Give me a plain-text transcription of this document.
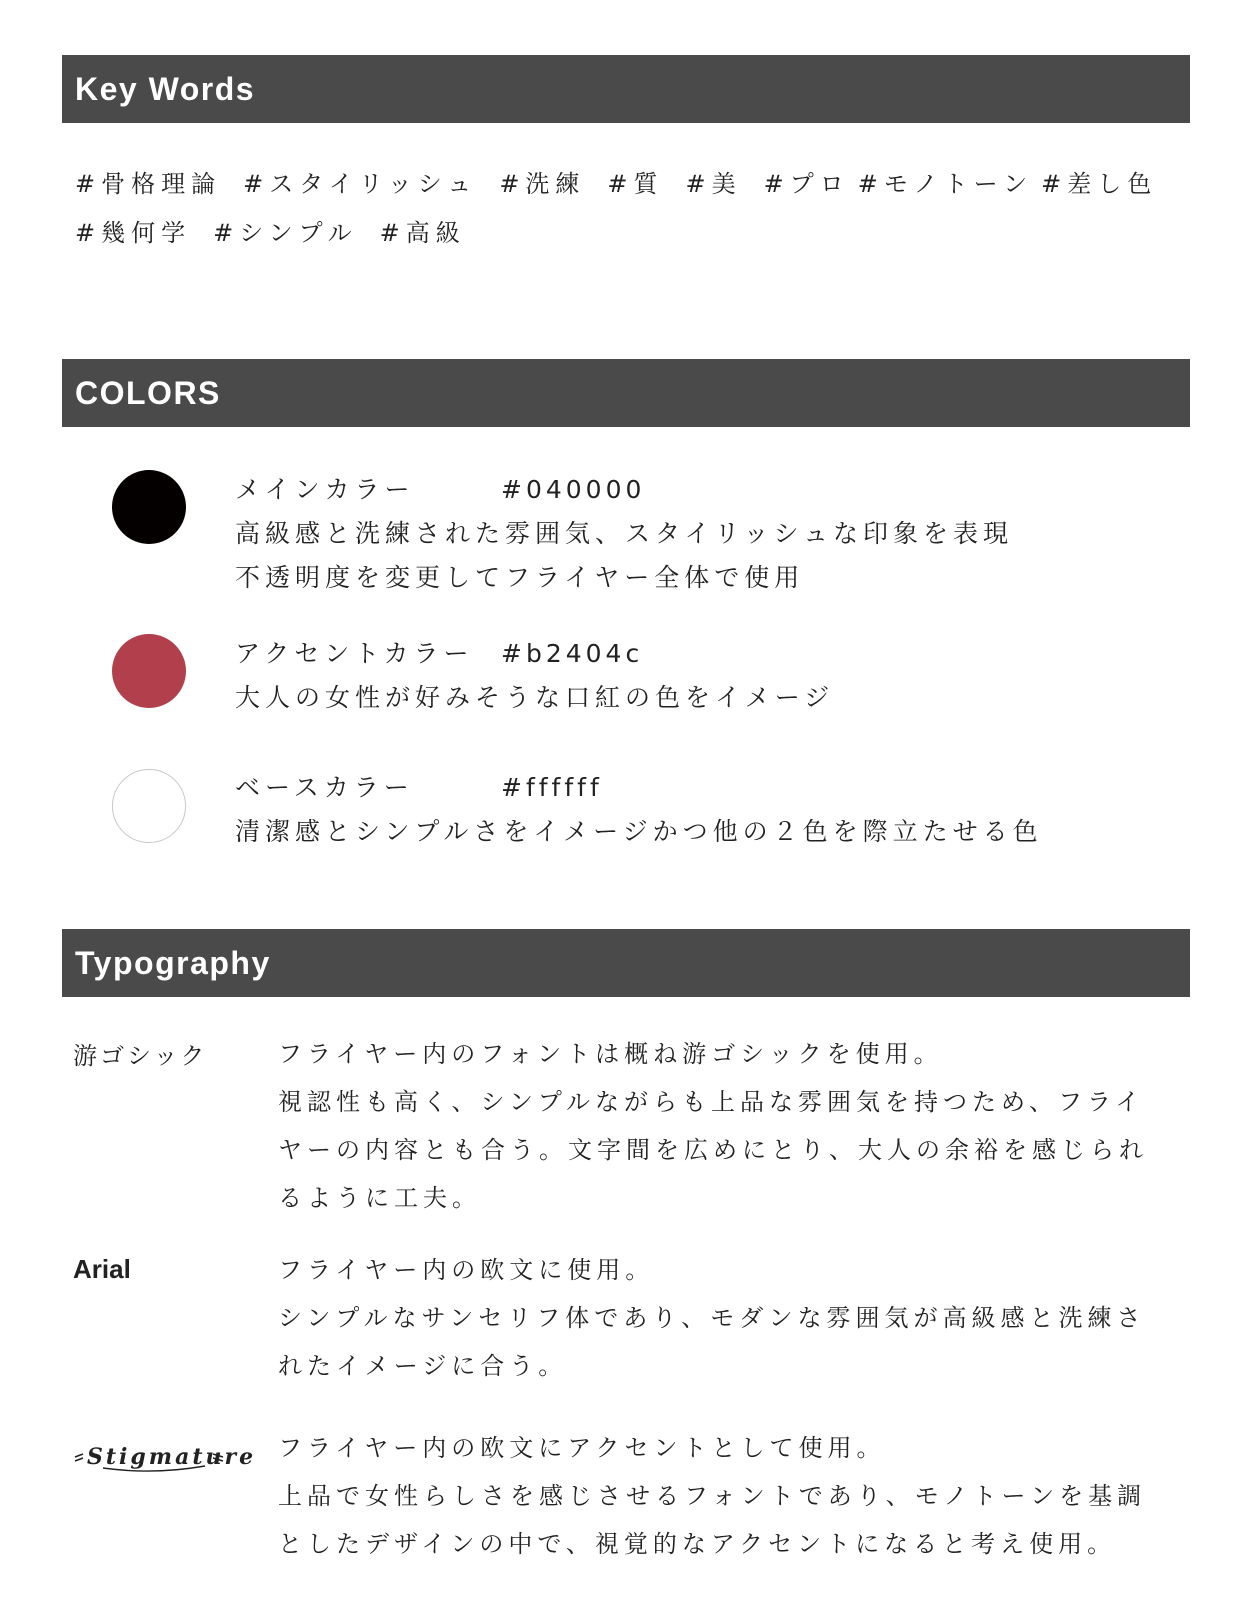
Key Words
#骨格理論 #スタイリッシュ #洗練 #質 #美 #プロ #モノトーン #差し色
#幾何学 #シンプル #高級
COLORS
メインカラー	#040000
高級感と洗練された雰囲気、スタイリッシュな印象を表現
不透明度を変更してフライヤー全体で使用
アクセントカラー #b2404c
大人の女性が好みそうな口紅の色をイメージ
ベースカラー	#ffffff
清潔感とシンプルさをイメージかつ他の２色を際立たせる色
Typography
游ゴシック	フライヤー内のフォントは概ね游ゴシックを使用。
視認性も高く、シンプルながらも上品な雰囲気を持つため、フライ
ヤーの内容とも合う。文字間を広めにとり、大人の余裕を感じられ
るように工夫。
Arial	フライヤー内の欧文に使用。
シンプルなサンセリフ体であり、モダンな雰囲気が高級感と洗練さ
れたイメージに合う。
Stigmature フライヤー内の欧文にアクセントとして使用。
上品で女性らしさを感じさせるフォントであり、モノトーンを基調
としたデザインの中で、視覚的なアクセントになると考え使用。
